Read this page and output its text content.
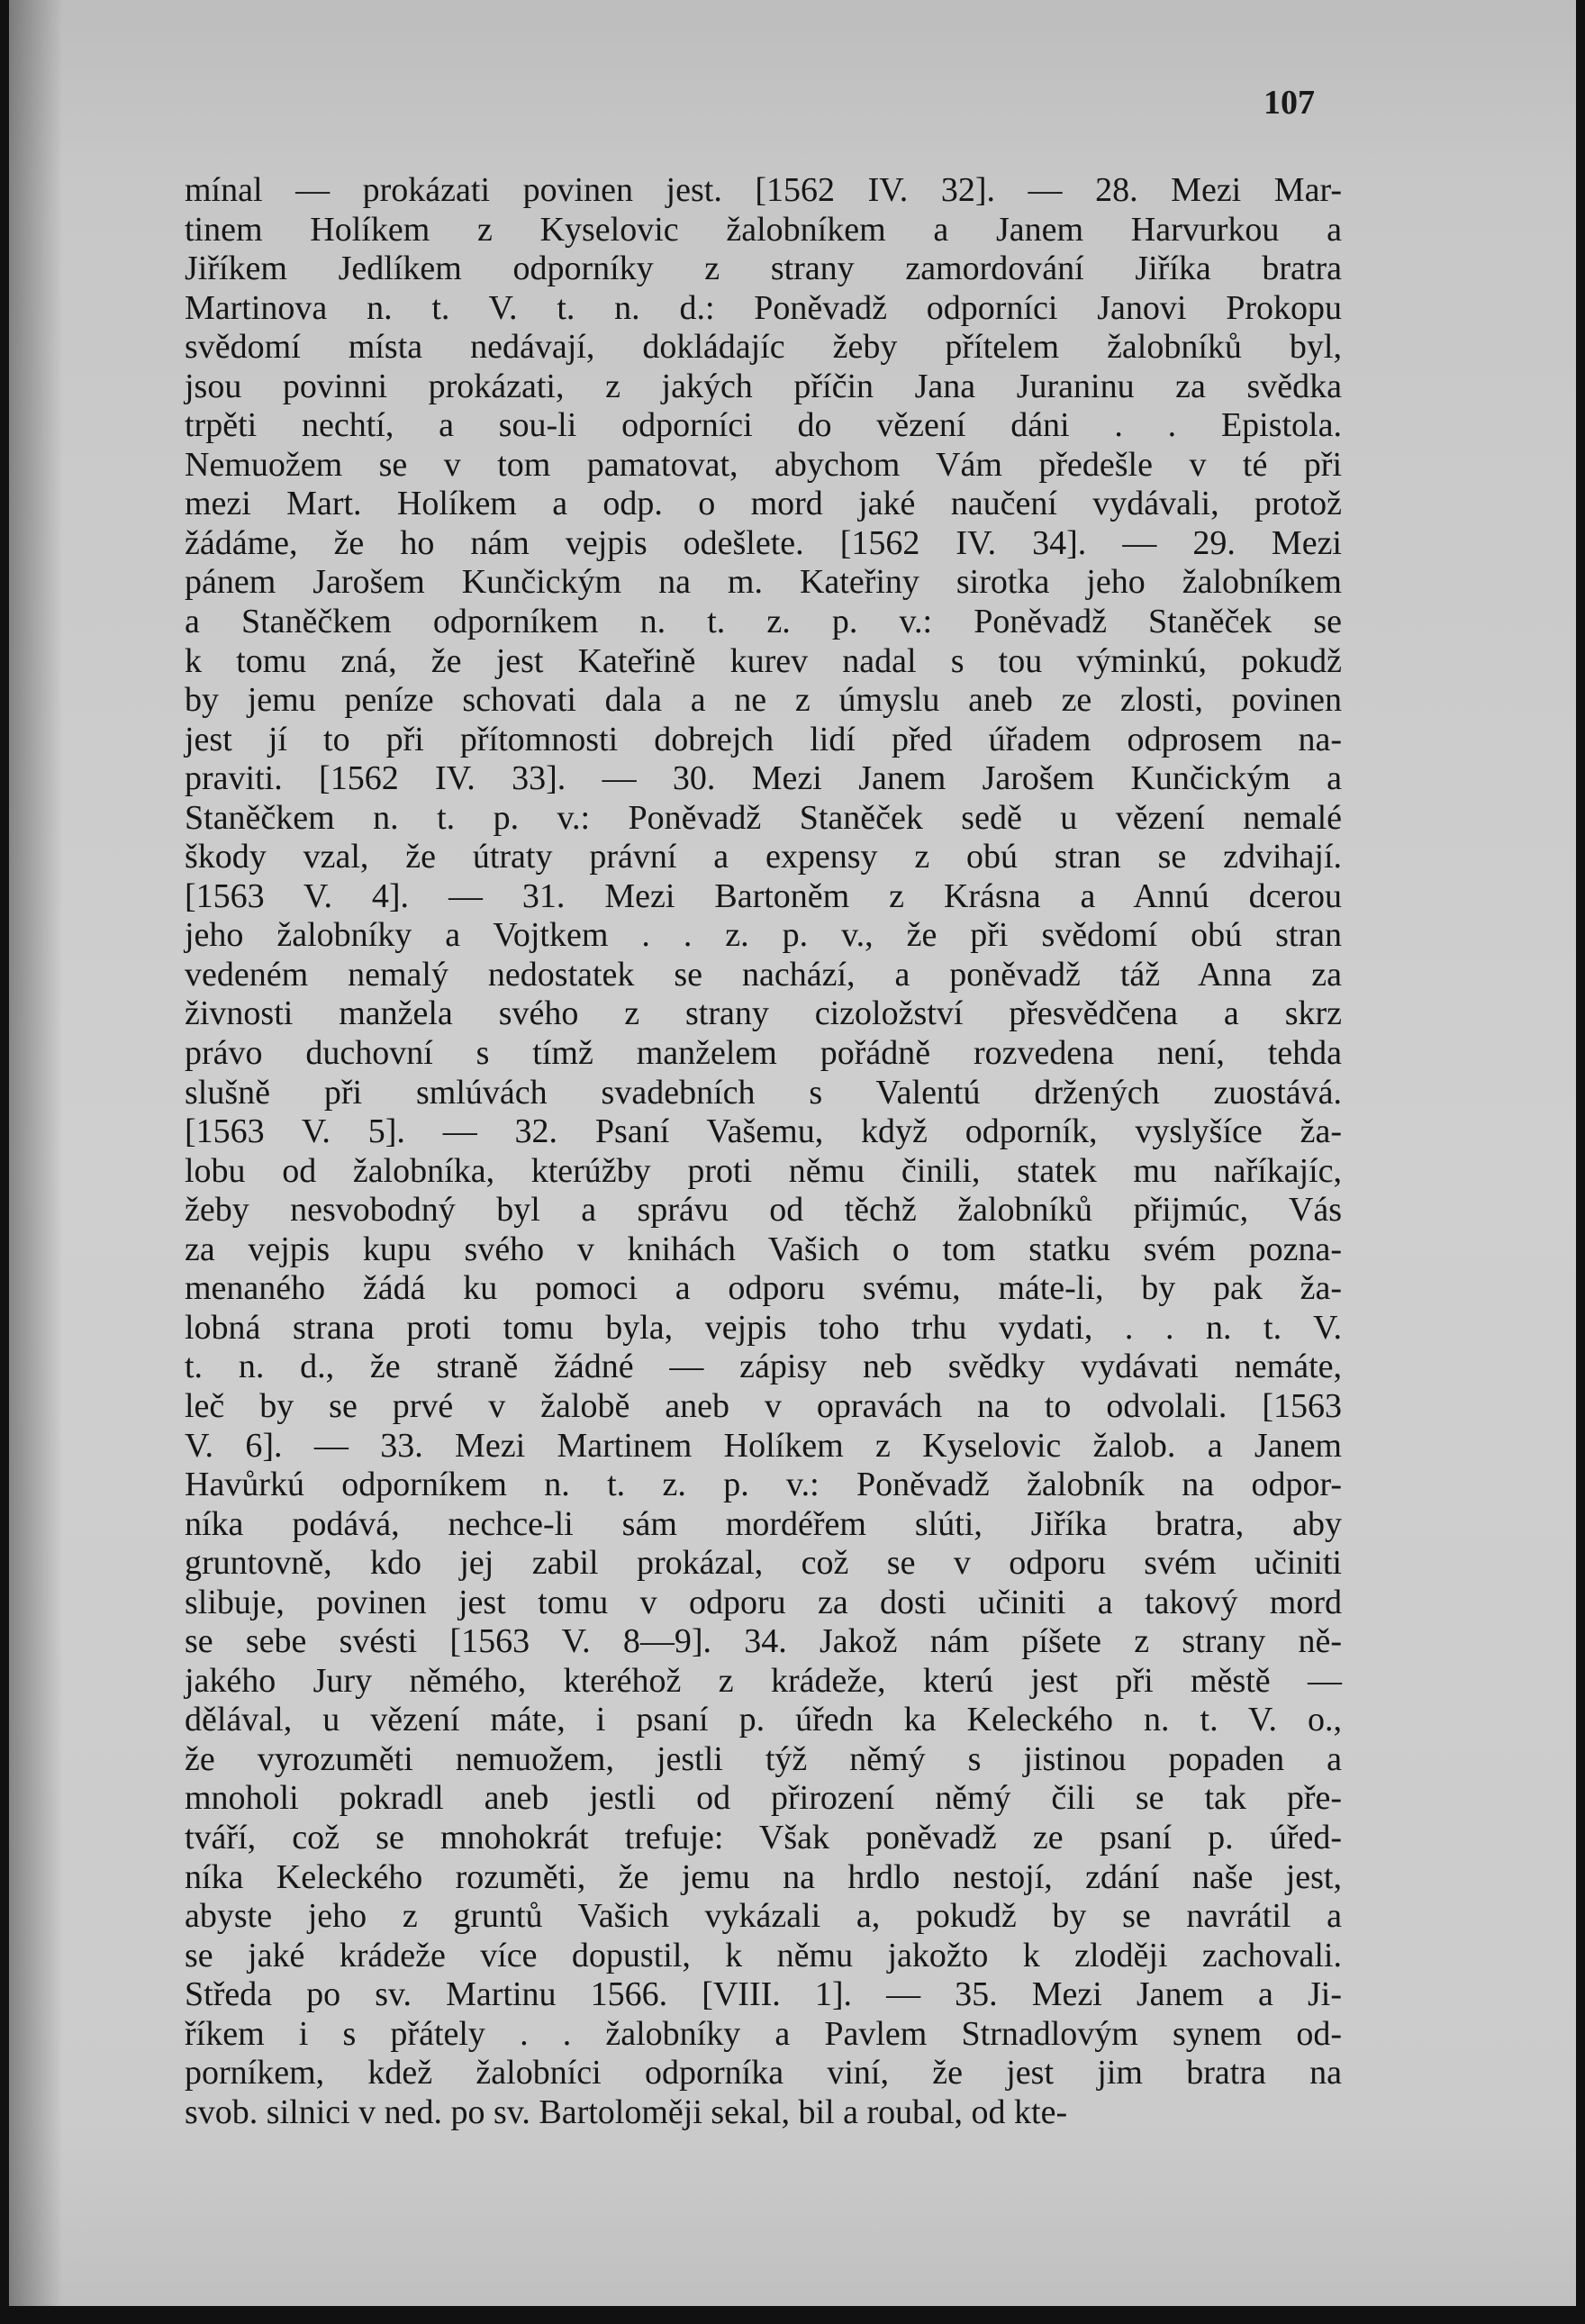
107
mínal — prokázati povinen jest. [1562 IV. 32]. — 28. Mezi Mar-
tinem Holíkem z Kyselovic žalobníkem a Janem Harvurkou a
Jiříkem Jedlíkem odporníky z strany zamordování Jiříka bratra
Martinova n. t. V. t. n. d.: Poněvadž odporníci Janovi Prokopu
svědomí místa nedávají, dokládajíc žeby přítelem žalobníků byl,
jsou povinni prokázati, z jakých příčin Jana Juraninu za svědka
trpěti nechtí, a sou-li odporníci do vězení dáni . . Epistola.
Nemuožem se v tom pamatovat, abychom Vám předešle v té při
mezi Mart. Holíkem a odp. o mord jaké naučení vydávali, protož
žádáme, že ho nám vejpis odešlete. [1562 IV. 34]. — 29. Mezi
pánem Jarošem Kunčickým na m. Kateřiny sirotka jeho žalobníkem
a Staněčkem odporníkem n. t. z. p. v.: Poněvadž Staněček se
k tomu zná, že jest Kateřině kurev nadal s tou výminkú, pokudž
by jemu peníze schovati dala a ne z úmyslu aneb ze zlosti, povinen
jest jí to při přítomnosti dobrejch lidí před úřadem odprosem na-
praviti. [1562 IV. 33]. — 30. Mezi Janem Jarošem Kunčickým a
Staněčkem n. t. p. v.: Poněvadž Staněček sedě u vězení nemalé
škody vzal, že útraty právní a expensy z obú stran se zdvihají.
[1563 V. 4]. — 31. Mezi Bartoněm z Krásna a Annú dcerou
jeho žalobníky a Vojtkem . . z. p. v., že při svědomí obú stran
vedeném nemalý nedostatek se nachází, a poněvadž táž Anna za
živnosti manžela svého z strany cizoložství přesvědčena a skrz
právo duchovní s tímž manželem pořádně rozvedena není, tehda
slušně při smlúvách svadebních s Valentú držených zuostává.
[1563 V. 5]. — 32. Psaní Vašemu, když odporník, vyslyšíce ža-
lobu od žalobníka, kterúžby proti němu činili, statek mu naříkajíc,
žeby nesvobodný byl a správu od těchž žalobníků přijmúc, Vás
za vejpis kupu svého v knihách Vašich o tom statku svém pozna-
menaného žádá ku pomoci a odporu svému, máte-li, by pak ža-
lobná strana proti tomu byla, vejpis toho trhu vydati, . . n. t. V.
t. n. d., že straně žádné — zápisy neb svědky vydávati nemáte,
leč by se prvé v žalobě aneb v opravách na to odvolali. [1563
V. 6]. — 33. Mezi Martinem Holíkem z Kyselovic žalob. a Janem
Havůrkú odporníkem n. t. z. p. v.: Poněvadž žalobník na odpor-
níka podává, nechce-li sám mordéřem slúti, Jiříka bratra, aby
gruntovně, kdo jej zabil prokázal, což se v odporu svém učiniti
slibuje, povinen jest tomu v odporu za dosti učiniti a takový mord
se sebe svésti [1563 V. 8—9]. 34. Jakož nám píšete z strany ně-
jakého Jury němého, kteréhož z krádeže, kterú jest při městě —
dělával, u vězení máte, i psaní p. úředn ka Keleckého n. t. V. o.,
že vyrozuměti nemuožem, jestli týž němý s jistinou popaden a
mnoholi pokradl aneb jestli od přirození němý čili se tak pře-
tváří, což se mnohokrát trefuje: Však poněvadž ze psaní p. úřed-
níka Keleckého rozuměti, že jemu na hrdlo nestojí, zdání naše jest,
abyste jeho z gruntů Vašich vykázali a, pokudž by se navrátil a
se jaké krádeže více dopustil, k němu jakožto k zloději zachovali.
Středa po sv. Martinu 1566. [VIII. 1]. — 35. Mezi Janem a Ji-
říkem i s přátely . . žalobníky a Pavlem Strnadlovým synem od-
porníkem, kdež žalobníci odporníka viní, že jest jim bratra na
svob. silnici v ned. po sv. Bartoloměji sekal, bil a roubal, od kte-
